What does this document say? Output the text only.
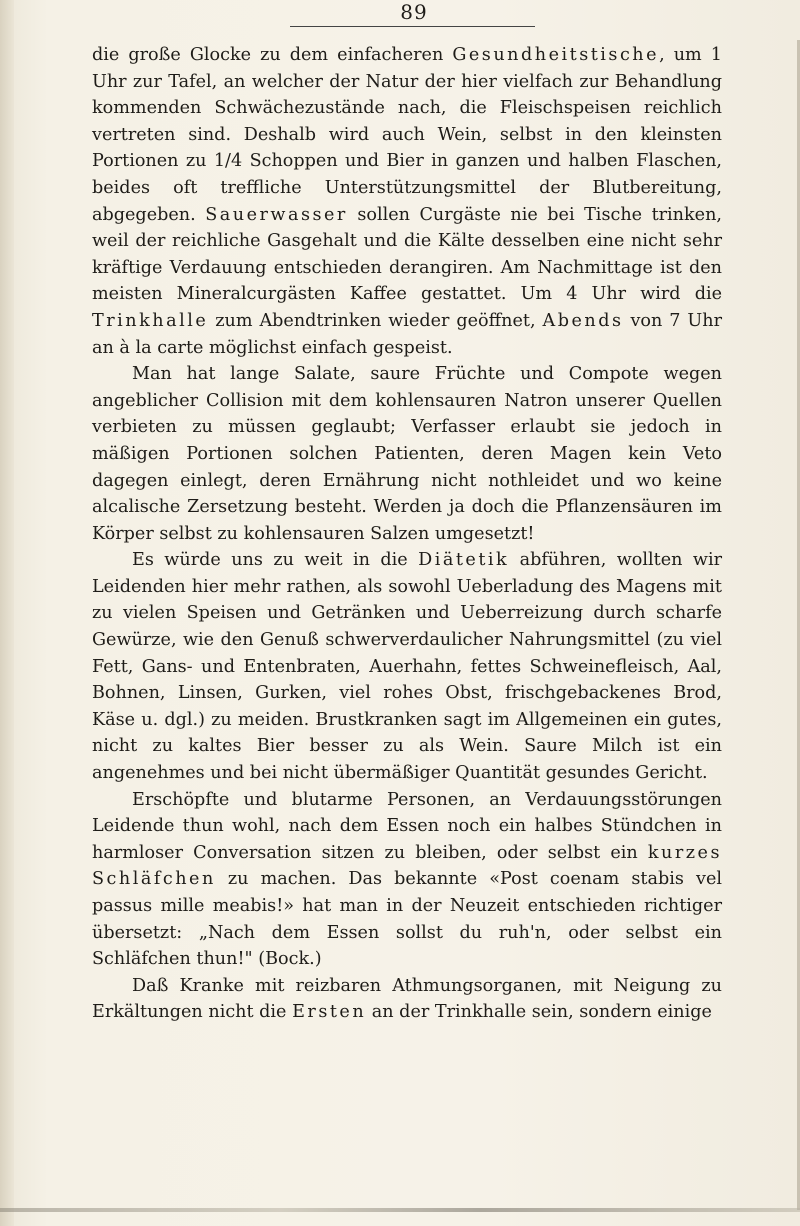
89

die große Glocke zu dem einfacheren Gesundheitstische, um 1 Uhr zur Tafel, an welcher der Natur der hier vielfach zur Behandlung kommenden Schwächezustände nach, die Fleischspeisen reichlich vertreten sind. Deshalb wird auch Wein, selbst in den kleinsten Portionen zu 1/4 Schoppen und Bier in ganzen und halben Flaschen, beides oft treffliche Unterstützungsmittel der Blutbereitung, abgegeben. Sauerwasser sollen Curgäste nie bei Tische trinken, weil der reichliche Gasgehalt und die Kälte desselben eine nicht sehr kräftige Verdauung entschieden derangiren. Am Nachmittage ist den meisten Mineralcurgästen Kaffee gestattet. Um 4 Uhr wird die Trinkhalle zum Abendtrinken wieder geöffnet, Abends von 7 Uhr an à la carte möglichst einfach gespeist.

Man hat lange Salate, saure Früchte und Compote wegen angeblicher Collision mit dem kohlensauren Natron unserer Quellen verbieten zu müssen geglaubt; Verfasser erlaubt sie jedoch in mäßigen Portionen solchen Patienten, deren Magen kein Veto dagegen einlegt, deren Ernährung nicht nothleidet und wo keine alcalische Zersetzung besteht. Werden ja doch die Pflanzensäuren im Körper selbst zu kohlensauren Salzen umgesetzt!

Es würde uns zu weit in die Diätetik abführen, wollten wir Leidenden hier mehr rathen, als sowohl Ueberladung des Magens mit zu vielen Speisen und Getränken und Ueberreizung durch scharfe Gewürze, wie den Genuß schwerverdaulicher Nahrungsmittel (zu viel Fett, Gans- und Entenbraten, Auerhahn, fettes Schweinefleisch, Aal, Bohnen, Linsen, Gurken, viel rohes Obst, frischgebackenes Brod, Käse u. dgl.) zu meiden. Brustkranken sagt im Allgemeinen ein gutes, nicht zu kaltes Bier besser zu als Wein. Saure Milch ist ein angenehmes und bei nicht übermäßiger Quantität gesundes Gericht.

Erschöpfte und blutarme Personen, an Verdauungsstörungen Leidende thun wohl, nach dem Essen noch ein halbes Stündchen in harmloser Conversation sitzen zu bleiben, oder selbst ein kurzes Schläfchen zu machen. Das bekannte «Post coenam stabis vel passus mille meabis!» hat man in der Neuzeit entschieden richtiger übersetzt: „Nach dem Essen sollst du ruh'n, oder selbst ein Schläfchen thun!" (Bock.)

Daß Kranke mit reizbaren Athmungsorganen, mit Neigung zu Erkältungen nicht die Ersten an der Trinkhalle sein, sondern einige
